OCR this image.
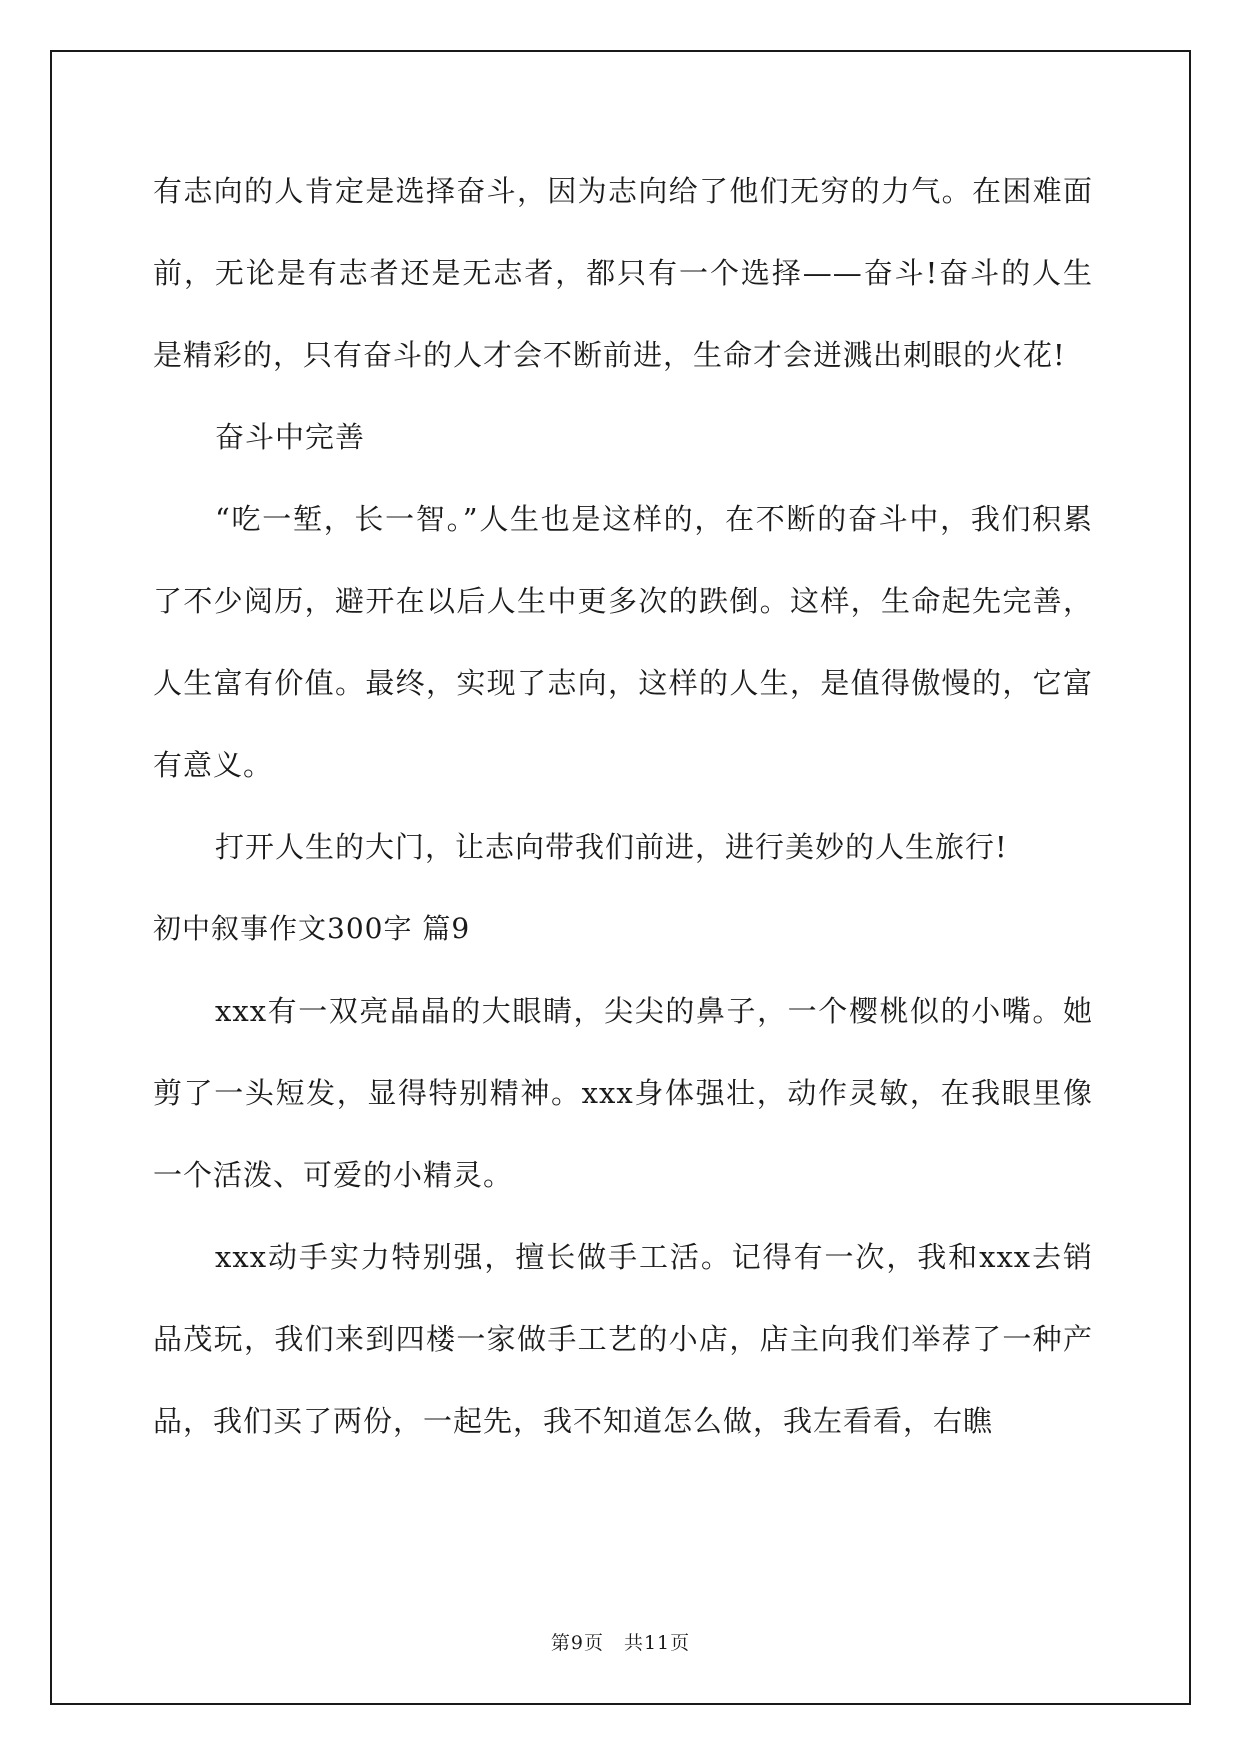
有志向的人肯定是选择奋斗，因为志向给了他们无穷的力气。在困难面前，无论是有志者还是无志者，都只有一个选择——奋斗!奋斗的人生是精彩的，只有奋斗的人才会不断前进，生命才会迸溅出刺眼的火花!

奋斗中完善

“吃一堑，长一智。”人生也是这样的，在不断的奋斗中，我们积累了不少阅历，避开在以后人生中更多次的跌倒。这样，生命起先完善，人生富有价值。最终，实现了志向，这样的人生，是值得傲慢的，它富有意义。

打开人生的大门，让志向带我们前进，进行美妙的人生旅行!

初中叙事作文300字 篇9

xxx有一双亮晶晶的大眼睛，尖尖的鼻子，一个樱桃似的小嘴。她剪了一头短发，显得特别精神。xxx身体强壮，动作灵敏，在我眼里像一个活泼、可爱的小精灵。

xxx动手实力特别强，擅长做手工活。记得有一次，我和xxx去销品茂玩，我们来到四楼一家做手工艺的小店，店主向我们举荐了一种产品，我们买了两份，一起先，我不知道怎么做，我左看看，右瞧

第9页　共11页
